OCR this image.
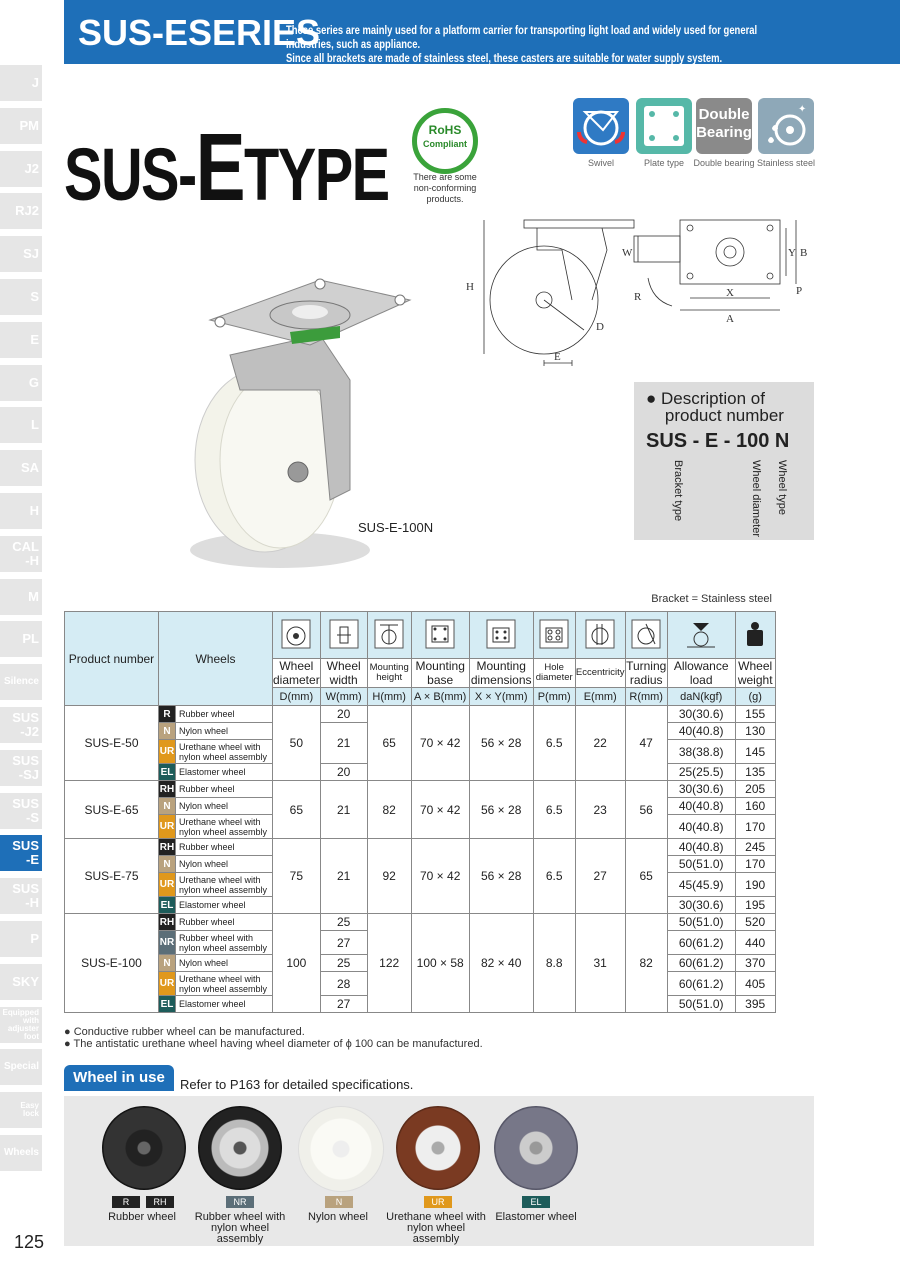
SUS-ESERIES
These series are mainly used for a platform carrier for transporting light load and widely used for general industries, such as appliance.
Since all brackets are made of stainless steel, these casters are suitable for water supply system.
J
PM
J2
RJ2
SJ
S
E
G
L
SA
H
CAL
-H
M
PL
Silence
SUS
-J2
SUS
-SJ
SUS
-S
SUS
-E
SUS
-H
P
SKY
Equipped
with
adjuster
foot
Special
Easy
lock
Wheels
SUS-ETYPE
RoHS
Compliant
There are some non-conforming products.
Double Bearing
✦
Swivel	Plate type	Double bearing Stainless steel
SUS-E-100N
H
D
E
W	Y B
R	X
A
P
● Description of
product number
SUS - E - 100 N
Bracket type	Wheel diameter Wheel type
Bracket = Stainless steel
Product number	Wheels										
			Wheel diameter	Wheel width	Mounting height	Mounting base	Mounting dimensions	Hole diameter	Eccentricity	Turning radius	Allowance load	Wheel weight
			D(mm)	W(mm)	H(mm)	A × B(mm)	X × Y(mm)	P(mm)	E(mm)	R(mm)	daN(kgf)	(g)
SUS-E-50	R	Rubber wheel	50	20	65	70 × 42	56 × 28	6.5	22	47	30(30.6)	155
	N	Nylon wheel		21							40(40.8)	130
	UR	Urethane wheel with nylon wheel assembly									38(38.8)	145
	EL	Elastomer wheel		20							25(25.5)	135
SUS-E-65	RH	Rubber wheel	65	21	82	70 × 42	56 × 28	6.5	23	56	30(30.6)	205
	N	Nylon wheel									40(40.8)	160
	UR	Urethane wheel with nylon wheel assembly									40(40.8)	170
SUS-E-75	RH	Rubber wheel	75	21	92	70 × 42	56 × 28	6.5	27	65	40(40.8)	245
	N	Nylon wheel									50(51.0)	170
	UR	Urethane wheel with nylon wheel assembly									45(45.9)	190
	EL	Elastomer wheel									30(30.6)	195
SUS-E-100	RH	Rubber wheel	100	25	122	100 × 58	82 × 40	8.8	31	82	50(51.0)	520
	NR	Rubber wheel with nylon wheel assembly		27							60(61.2)	440
	N	Nylon wheel		25							60(61.2)	370
	UR	Urethane wheel with nylon wheel assembly		28							60(61.2)	405
	EL	Elastomer wheel		27							50(51.0)	395
● Conductive rubber wheel can be manufactured.
● The antistatic urethane wheel having wheel diameter of ϕ 100 can be manufactured.
Wheel in use	Refer to P163 for detailed specifications.
R	RH	NR	N	UR	EL
Rubber wheel	Rubber wheel with nylon wheel assembly
Nylon wheel	Urethane wheel with nylon wheel assembly
Elastomer wheel
125
